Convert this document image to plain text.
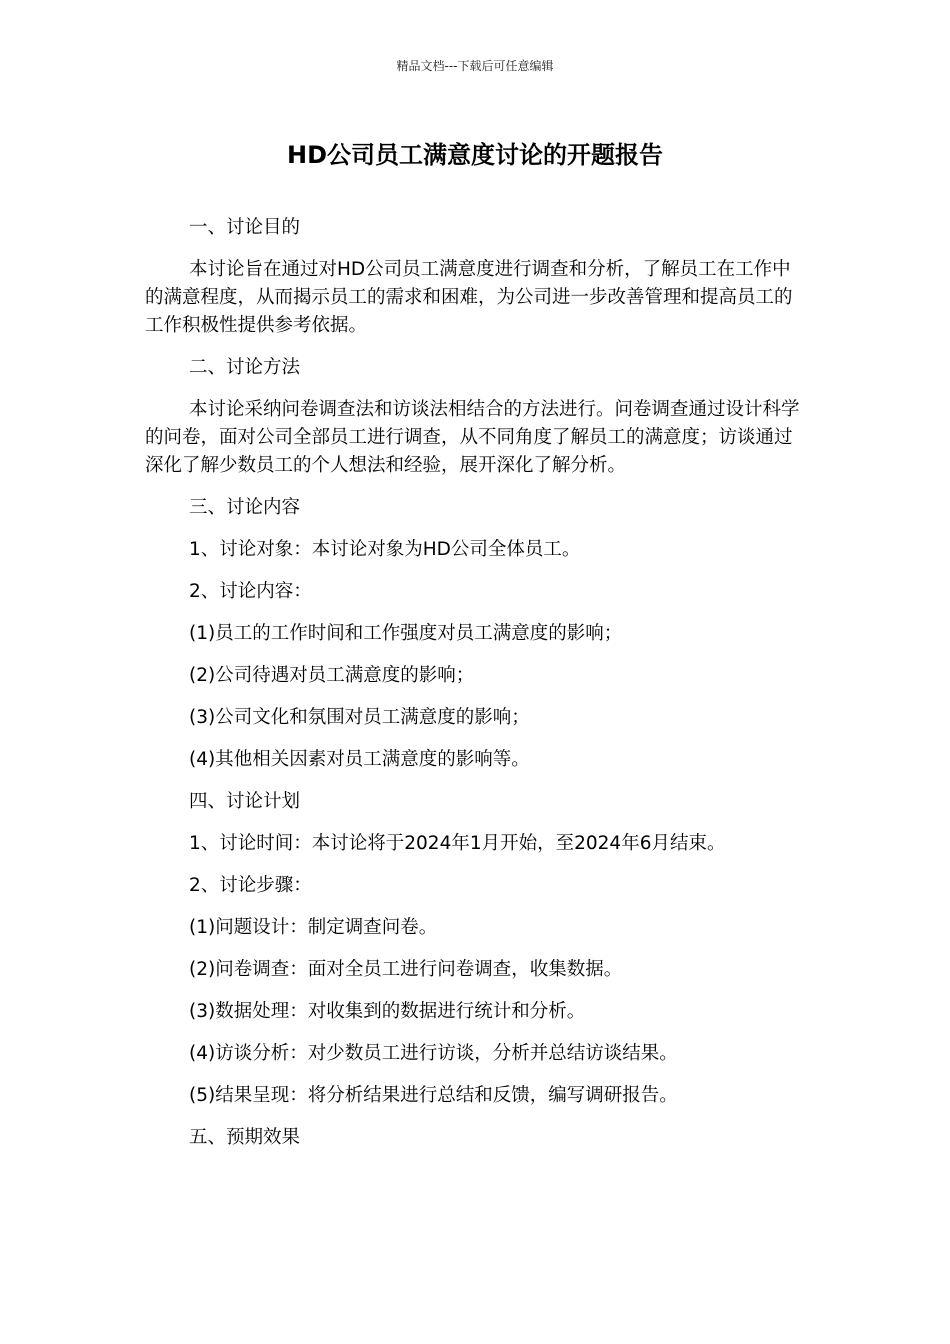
精品文档---下载后可任意编辑
HD公司员工满意度讨论的开题报告

一、讨论目的

本讨论旨在通过对HD公司员工满意度进行调查和分析，了解员工在工作中的满意程度，从而揭示员工的需求和困难，为公司进一步改善管理和提高员工的工作积极性提供参考依据。

二、讨论方法

本讨论采纳问卷调查法和访谈法相结合的方法进行。问卷调查通过设计科学的问卷，面对公司全部员工进行调查，从不同角度了解员工的满意度；访谈通过深化了解少数员工的个人想法和经验，展开深化了解分析。

三、讨论内容

1、讨论对象：本讨论对象为HD公司全体员工。

2、讨论内容：

(1)员工的工作时间和工作强度对员工满意度的影响；

(2)公司待遇对员工满意度的影响；

(3)公司文化和氛围对员工满意度的影响；

(4)其他相关因素对员工满意度的影响等。

四、讨论计划

1、讨论时间：本讨论将于2024年1月开始，至2024年6月结束。

2、讨论步骤：

(1)问题设计：制定调查问卷。

(2)问卷调查：面对全员工进行问卷调查，收集数据。

(3)数据处理：对收集到的数据进行统计和分析。

(4)访谈分析：对少数员工进行访谈，分析并总结访谈结果。

(5)结果呈现：将分析结果进行总结和反馈，编写调研报告。

五、预期效果
